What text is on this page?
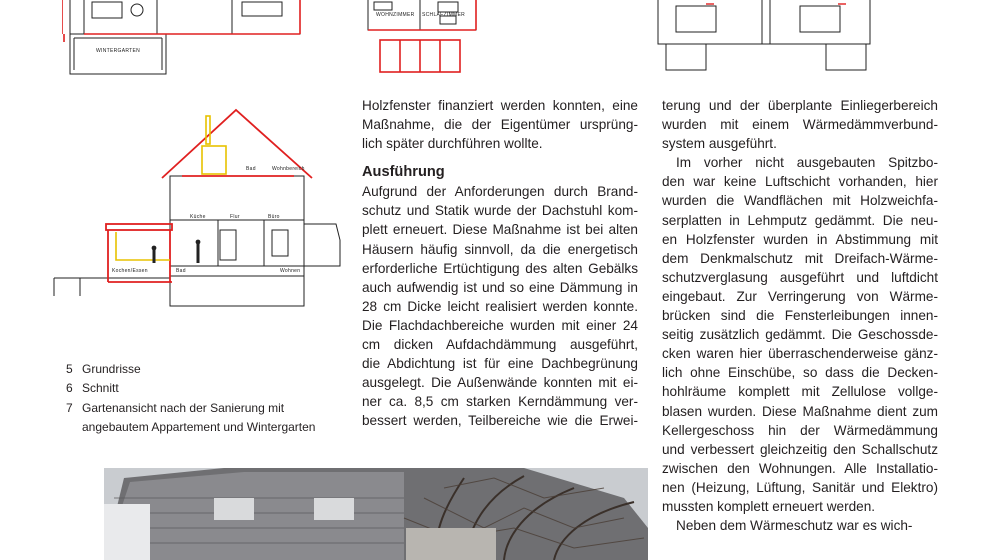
WINTERGARTEN
WOHNZIMMER SCHLAFZIMMER
Bad	Wohnbereich
Küche	Flur	Büro
Kochen/Essen	Bad	Wohnen
5 Grundrisse
6 Schnitt
7 Gartenansicht nach der Sanierung mit angebautem Appartement und Wintergarten

Holzfenster finanziert werden konnten, eine

Maßnahme, die der Eigentümer ursprüng-

lich später durchführen wollte.

Ausführung

Aufgrund der Anforderungen durch Brand-

schutz und Statik wurde der Dachstuhl kom-

plett erneuert. Diese Maßnahme ist bei alten

Häusern häufig sinnvoll, da die energetisch

erforderliche Ertüchtigung des alten Gebälks

auch aufwendig ist und so eine Dämmung in

28 cm Dicke leicht realisiert werden konnte.

Die Flachdachbereiche wurden mit einer 24

cm dicken Aufdachdämmung ausgeführt,

die Abdichtung ist für eine Dachbegrünung

ausgelegt. Die Außenwände konnten mit ei-

ner ca. 8,5 cm starken Kerndämmung ver-

bessert werden, Teilbereiche wie die Erwei-

terung und der überplante Einliegerbereich

wurden mit einem Wärmedämmverbund-

system ausgeführt.

Im vorher nicht ausgebauten Spitzbo-

den war keine Luftschicht vorhanden, hier

wurden die Wandflächen mit Holzweichfa-

serplatten in Lehmputz gedämmt. Die neu-

en Holzfenster wurden in Abstimmung mit

dem Denkmalschutz mit Dreifach-Wärme-

schutzverglasung ausgeführt und luftdicht

eingebaut. Zur Verringerung von Wärme-

brücken sind die Fensterleibungen innen-

seitig zusätzlich gedämmt. Die Geschossde-

cken waren hier überraschenderweise gänz-

lich ohne Einschübe, so dass die Decken-

hohlräume komplett mit Zellulose vollge-

blasen wurden. Diese Maßnahme dient zum

Kellergeschoss hin der Wärmedämmung

und verbessert gleichzeitig den Schallschutz

zwischen den Wohnungen. Alle Installatio-

nen (Heizung, Lüftung, Sanitär und Elektro)

mussten komplett erneuert werden.

Neben dem Wärmeschutz war es wich-
